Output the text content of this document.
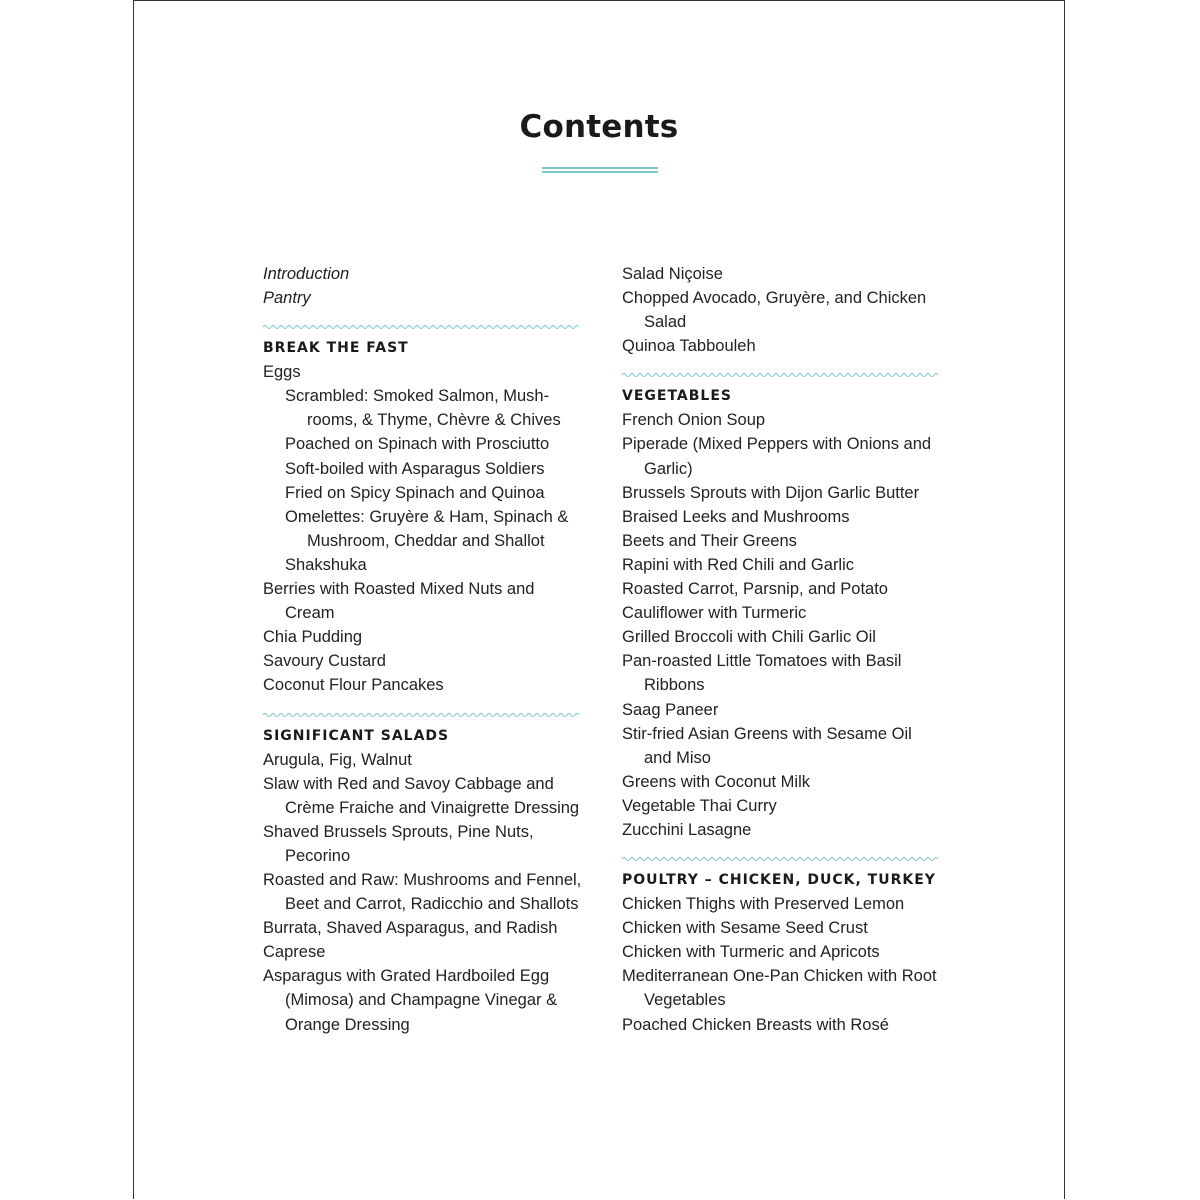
Contents

Introduction

Pantry

BREAK THE FAST

Eggs

Scrambled: Smoked Salmon, Mush-rooms, & Thyme, Chèvre & Chives

Poached on Spinach with Prosciutto

Soft-boiled with Asparagus Soldiers

Fried on Spicy Spinach and Quinoa

Omelettes: Gruyère & Ham, Spinach & Mushroom, Cheddar and Shallot

Shakshuka

Berries with Roasted Mixed Nuts and Cream

Chia Pudding

Savoury Custard

Coconut Flour Pancakes

SIGNIFICANT SALADS

Arugula, Fig, Walnut

Slaw with Red and Savoy Cabbage and Crème Fraiche and Vinaigrette Dressing

Shaved Brussels Sprouts, Pine Nuts, Pecorino

Roasted and Raw: Mushrooms and Fennel, Beet and Carrot, Radicchio and Shallots

Burrata, Shaved Asparagus, and Radish

Caprese

Asparagus with Grated Hardboiled Egg (Mimosa) and Champagne Vinegar & Orange Dressing

Salad Niçoise

Chopped Avocado, Gruyère, and Chicken Salad

Quinoa Tabbouleh

VEGETABLES

French Onion Soup

Piperade (Mixed Peppers with Onions and Garlic)

Brussels Sprouts with Dijon Garlic Butter

Braised Leeks and Mushrooms

Beets and Their Greens

Rapini with Red Chili and Garlic

Roasted Carrot, Parsnip, and Potato

Cauliflower with Turmeric

Grilled Broccoli with Chili Garlic Oil

Pan-roasted Little Tomatoes with Basil Ribbons

Saag Paneer

Stir-fried Asian Greens with Sesame Oil and Miso

Greens with Coconut Milk

Vegetable Thai Curry

Zucchini Lasagne

POULTRY – CHICKEN, DUCK, TURKEY

Chicken Thighs with Preserved Lemon

Chicken with Sesame Seed Crust

Chicken with Turmeric and Apricots

Mediterranean One-Pan Chicken with Root Vegetables

Poached Chicken Breasts with Rosé
